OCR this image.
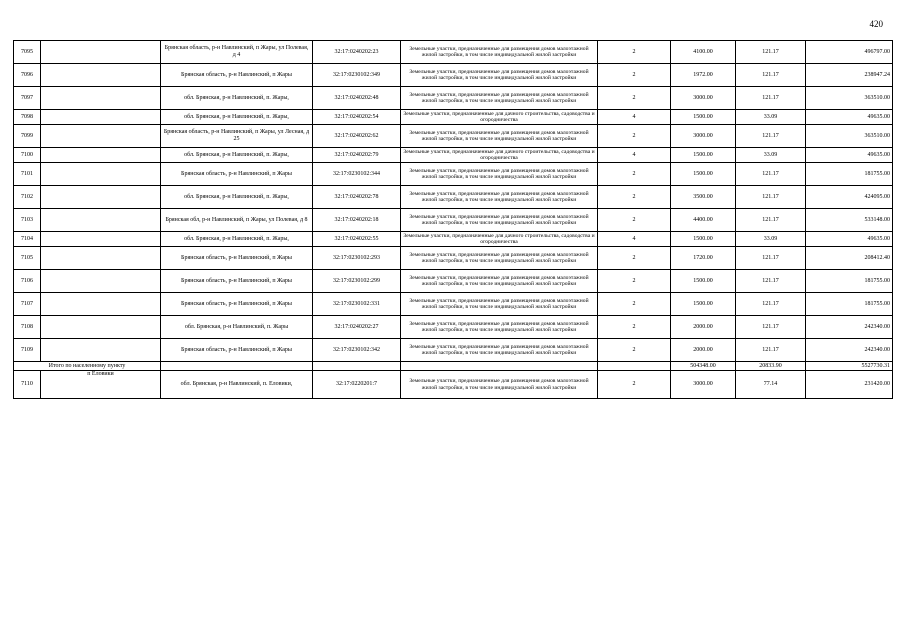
420
7095		Брянская область, р-н Навлинский, п Жары, ул Полевая, д 4	32:17:0240202:23	Земельные участки, предназначенные для размещения домов малоэтажной жилой застройки, в том числе индивидуальной жилой застройки	2	4100.00	121.17	496797.00
7096		Брянская область, р-н Навлинский, п Жары	32:17:0230102:349	Земельные участки, предназначенные для размещения домов малоэтажной жилой застройки, в том числе индивидуальной жилой застройки	2	1972.00	121.17	238947.24
7097		обл. Брянская, р-н Навлинский, п. Жары,	32:17:0240202:48	Земельные участки, предназначенные для размещения домов малоэтажной жилой застройки, в том числе индивидуальной жилой застройки	2	3000.00	121.17	363510.00
7098		обл. Брянская, р-н Навлинский, п. Жары,	32:17:0240202:54	Земельные участки, предназначенные для дачного строительства, садоводства и огородничества	4	1500.00	33.09	49635.00
7099		Брянская область, р-н Навлинский, п Жары, ул Лесная, д 25	32:17:0240202:62	Земельные участки, предназначенные для размещения домов малоэтажной жилой застройки, в том числе индивидуальной жилой застройки	2	3000.00	121.17	363510.00
7100		обл. Брянская, р-н Навлинский, п. Жары,	32:17:0240202:79	Земельные участки, предназначенные для дачного строительства, садоводства и огородничества	4	1500.00	33.09	49635.00
7101		Брянская область, р-н Навлинский, п Жары	32:17:0230102:344	Земельные участки, предназначенные для размещения домов малоэтажной жилой застройки, в том числе индивидуальной жилой застройки	2	1500.00	121.17	181755.00
7102		обл. Брянская, р-н Навлинский, п. Жары,	32:17:0240202:78	Земельные участки, предназначенные для размещения домов малоэтажной жилой застройки, в том числе индивидуальной жилой застройки	2	3500.00	121.17	424095.00
7103		Брянская обл, р-н Навлинский, п Жары, ул Полевая, д 8	32:17:0240202:18	Земельные участки, предназначенные для размещения домов малоэтажной жилой застройки, в том числе индивидуальной жилой застройки	2	4400.00	121.17	533148.00
7104		обл. Брянская, р-н Навлинский, п. Жары,	32:17:0240202:55	Земельные участки, предназначенные для дачного строительства, садоводства и огородничества	4	1500.00	33.09	49635.00
7105		Брянская область, р-н Навлинский, п Жары	32:17:0230102:293	Земельные участки, предназначенные для размещения домов малоэтажной жилой застройки, в том числе индивидуальной жилой застройки	2	1720.00	121.17	208412.40
7106		Брянская область, р-н Навлинский, п Жары	32:17:0230102:299	Земельные участки, предназначенные для размещения домов малоэтажной жилой застройки, в том числе индивидуальной жилой застройки	2	1500.00	121.17	181755.00
7107		Брянская область, р-н Навлинский, п Жары	32:17:0230102:331	Земельные участки, предназначенные для размещения домов малоэтажной жилой застройки, в том числе индивидуальной жилой застройки	2	1500.00	121.17	181755.00
7108		обл. Брянская, р-н Навлинский, п. Жары	32:17:0240202:27	Земельные участки, предназначенные для размещения домов малоэтажной жилой застройки, в том числе индивидуальной жилой застройки	2	2000.00	121.17	242340.00
7109		Брянская область, р-н Навлинский, п Жары	32:17:0230102:342	Земельные участки, предназначенные для размещения домов малоэтажной жилой застройки, в том числе индивидуальной жилой застройки	2	2000.00	121.17	242340.00
Итого по населенному пункту						504348.00	20833.90	5527730.31
7110	п Еловики	обл. Брянская, р-н Навлинский, п. Еловики,	32:17:0220201:7	Земельные участки, предназначенные для размещения домов малоэтажной жилой застройки, в том числе индивидуальной жилой застройки	2	3000.00	77.14	231420.00
